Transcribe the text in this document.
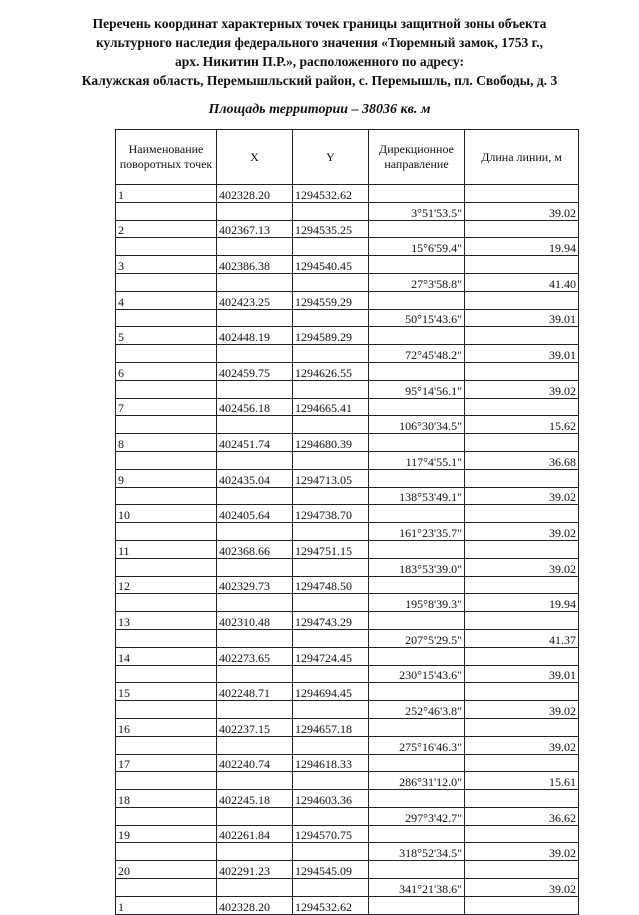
Перечень координат характерных точек границы защитной зоны объекта
культурного наследия федерального значения «Тюремный замок, 1753 г.,
арх. Никитин П.Р.», расположенного по адресу:
Калужская область, Перемышльский район, с. Перемышль, пл. Свободы, д. 3
Площадь территории – 38036 кв. м
Наименование поворотных точек	X	Y	Дирекционное направление	Длина линии, м
1	402328.20	1294532.62		
			3°51'53.5"	39.02
2	402367.13	1294535.25		
			15°6'59.4"	19.94
3	402386.38	1294540.45		
			27°3'58.8"	41.40
4	402423.25	1294559.29		
			50°15'43.6"	39.01
5	402448.19	1294589.29		
			72°45'48.2"	39.01
6	402459.75	1294626.55		
			95°14'56.1"	39.02
7	402456.18	1294665.41		
			106°30'34.5"	15.62
8	402451.74	1294680.39		
			117°4'55.1"	36.68
9	402435.04	1294713.05		
			138°53'49.1"	39.02
10	402405.64	1294738.70		
			161°23'35.7"	39.02
11	402368.66	1294751.15		
			183°53'39.0"	39.02
12	402329.73	1294748.50		
			195°8'39.3"	19.94
13	402310.48	1294743.29		
			207°5'29.5"	41.37
14	402273.65	1294724.45		
			230°15'43.6"	39.01
15	402248.71	1294694.45		
			252°46'3.8"	39.02
16	402237.15	1294657.18		
			275°16'46.3"	39.02
17	402240.74	1294618.33		
			286°31'12.0"	15.61
18	402245.18	1294603.36		
			297°3'42.7"	36.62
19	402261.84	1294570.75		
			318°52'34.5"	39.02
20	402291.23	1294545.09		
			341°21'38.6"	39.02
1	402328.20	1294532.62		
